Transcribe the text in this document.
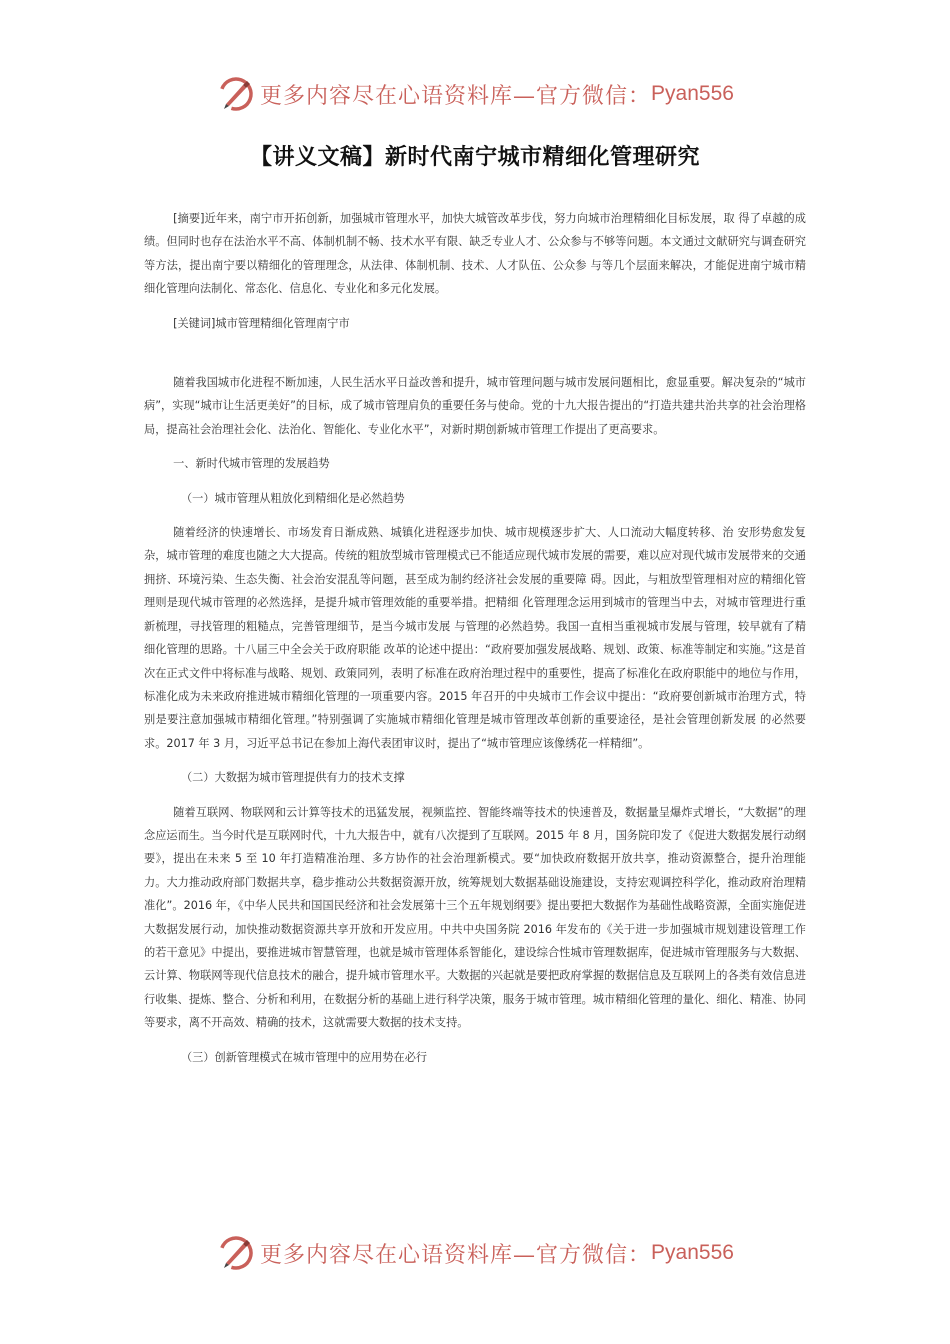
更多内容尽在心语资料库—官方微信： Pyan556
【讲义文稿】新时代南宁城市精细化管理研究

[摘要]近年来，南宁市开拓创新，加强城市管理水平，加快大城管改革步伐，努力向城市治理精细化目标发展，取 得了卓越的成绩。但同时也存在法治水平不高、体制机制不畅、技术水平有限、缺乏专业人才、公众参与不够等问题。本文通过文献研究与调查研究等方法，提出南宁要以精细化的管理理念，从法律、体制机制、技术、人才队伍、公众参 与等几个层面来解决，才能促进南宁城市精细化管理向法制化、常态化、信息化、专业化和多元化发展。

[关键词]城市管理精细化管理南宁市

随着我国城市化进程不断加速，人民生活水平日益改善和提升，城市管理问题与城市发展问题相比，愈显重要。解决复杂的“城市病”，实现“城市让生活更美好”的目标，成了城市管理肩负的重要任务与使命。党的十九大报告提出的“打造共建共治共享的社会治理格局，提高社会治理社会化、法治化、智能化、专业化水平”，对新时期创新城市管理工作提出了更高要求。

一、新时代城市管理的发展趋势
（一）城市管理从粗放化到精细化是必然趋势

随着经济的快速增长、市场发育日渐成熟、城镇化进程逐步加快、城市规模逐步扩大、人口流动大幅度转移、治 安形势愈发复杂，城市管理的难度也随之大大提高。传统的粗放型城市管理模式已不能适应现代城市发展的需要，难以应对现代城市发展带来的交通拥挤、环境污染、生态失衡、社会治安混乱等问题，甚至成为制约经济社会发展的重要障 碍。因此，与粗放型管理相对应的精细化管理则是现代城市管理的必然选择，是提升城市管理效能的重要举措。把精细 化管理理念运用到城市的管理当中去，对城市管理进行重新梳理，寻找管理的粗糙点，完善管理细节，是当今城市发展 与管理的必然趋势。我国一直相当重视城市发展与管理，较早就有了精细化管理的思路。十八届三中全会关于政府职能 改革的论述中提出：“政府要加强发展战略、规划、政策、标准等制定和实施。”这是首次在正式文件中将标准与战略、规划、政策同列，表明了标准在政府治理过程中的重要性，提高了标准化在政府职能中的地位与作用，标准化成为未来政府推进城市精细化管理的一项重要内容。2015 年召开的中央城市工作会议中提出：“政府要创新城市治理方式，特别是要注意加强城市精细化管理。”特别强调了实施城市精细化管理是城市管理改革创新的重要途径，是社会管理创新发展 的必然要求。2017 年 3 月，习近平总书记在参加上海代表团审议时，提出了“城市管理应该像绣花一样精细”。

（二）大数据为城市管理提供有力的技术支撑

随着互联网、物联网和云计算等技术的迅猛发展，视频监控、智能终端等技术的快速普及，数据量呈爆炸式增长，“大数据”的理念应运而生。当今时代是互联网时代，十九大报告中，就有八次提到了互联网。2015 年 8 月，国务院印发了《促进大数据发展行动纲要》，提出在未来 5 至 10 年打造精准治理、多方协作的社会治理新模式。要“加快政府数据开放共享，推动资源整合，提升治理能力。大力推动政府部门数据共享，稳步推动公共数据资源开放，统筹规划大数据基础设施建设，支持宏观调控科学化，推动政府治理精准化”。2016 年，《中华人民共和国国民经济和社会发展第十三个五年规划纲要》提出要把大数据作为基础性战略资源，全面实施促进大数据发展行动，加快推动数据资源共享开放和开发应用。中共中央国务院 2016 年发布的《关于进一步加强城市规划建设管理工作的若干意见》中提出，要推进城市智慧管理，也就是城市管理体系智能化，建设综合性城市管理数据库，促进城市管理服务与大数据、云计算、物联网等现代信息技术的融合，提升城市管理水平。大数据的兴起就是要把政府掌握的数据信息及互联网上的各类有效信息进行收集、提炼、整合、分析和利用，在数据分析的基础上进行科学决策，服务于城市管理。城市精细化管理的量化、细化、精准、协同等要求，离不开高效、精确的技术，这就需要大数据的技术支持。

（三）创新管理模式在城市管理中的应用势在必行
更多内容尽在心语资料库—官方微信： Pyan556
